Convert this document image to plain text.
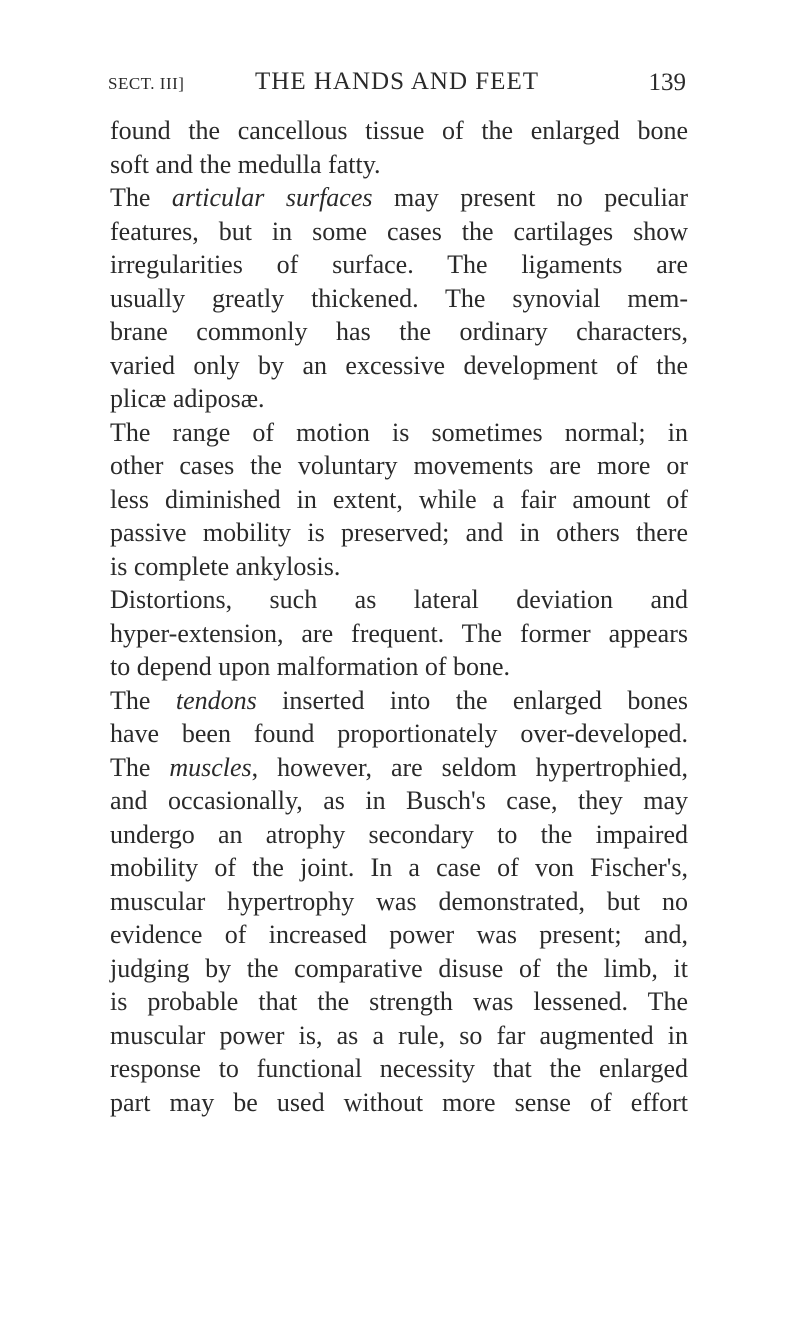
SECT. III]	THE HANDS AND FEET	139
found the cancellous tissue of the enlarged bone
soft and the medulla fatty.
The articular surfaces may present no peculiar
features, but in some cases the cartilages show
irregularities of surface. The ligaments are
usually greatly thickened. The synovial mem-
brane commonly has the ordinary characters,
varied only by an excessive development of the
plicæ adiposæ.
The range of motion is sometimes normal; in
other cases the voluntary movements are more or
less diminished in extent, while a fair amount of
passive mobility is preserved; and in others there
is complete ankylosis.
Distortions, such as lateral deviation and
hyper-extension, are frequent. The former appears
to depend upon malformation of bone.
The tendons inserted into the enlarged bones
have been found proportionately over-developed.
The muscles, however, are seldom hypertrophied,
and occasionally, as in Busch's case, they may
undergo an atrophy secondary to the impaired
mobility of the joint. In a case of von Fischer's,
muscular hypertrophy was demonstrated, but no
evidence of increased power was present; and,
judging by the comparative disuse of the limb, it
is probable that the strength was lessened. The
muscular power is, as a rule, so far augmented in
response to functional necessity that the enlarged
part may be used without more sense of effort
